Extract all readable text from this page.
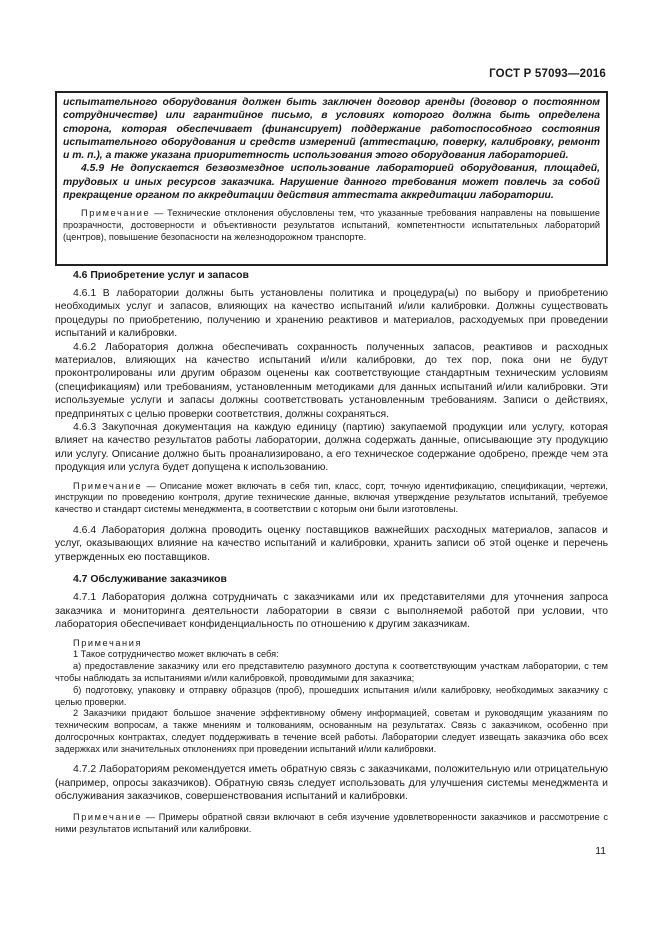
ГОСТ Р 57093—2016

испытательного оборудования должен быть заключен договор аренды (договор о постоянном сотрудничестве) или гарантийное письмо, в условиях которого должна быть определена сторона, которая обеспечивает (финансирует) поддержание работоспособного состояния испытательного оборудования и средств измерений (аттестацию, поверку, калибровку, ремонт и т. п.), а также указана приоритетность использования этого оборудования лабораторией.

4.5.9 Не допускается безвозмездное использование лабораторией оборудования, площадей, трудовых и иных ресурсов заказчика. Нарушение данного требования может повлечь за собой прекращение органом по аккредитации действия аттестата аккредитации лаборатории.

Примечание — Технические отклонения обусловлены тем, что указанные требования направлены на повышение прозрачности, достоверности и объективности результатов испытаний, компетентности испытательных лабораторий (центров), повышение безопасности на железнодорожном транспорте.

4.6 Приобретение услуг и запасов

4.6.1 В лаборатории должны быть установлены политика и процедура(ы) по выбору и приобретению необходимых услуг и запасов, влияющих на качество испытаний и/или калибровки. Должны существовать процедуры по приобретению, получению и хранению реактивов и материалов, расходуемых при проведении испытаний и калибровки.

4.6.2 Лаборатория должна обеспечивать сохранность полученных запасов, реактивов и расходных материалов, влияющих на качество испытаний и/или калибровки, до тех пор, пока они не будут проконтролированы или другим образом оценены как соответствующие стандартным техническим условиям (спецификациям) или требованиям, установленным методиками для данных испытаний и/или калибровки. Эти используемые услуги и запасы должны соответствовать установленным требованиям. Записи о действиях, предпринятых с целью проверки соответствия, должны сохраняться.

4.6.3 Закупочная документация на каждую единицу (партию) закупаемой продукции или услугу, которая влияет на качество результатов работы лаборатории, должна содержать данные, описывающие эту продукцию или услугу. Описание должно быть проанализировано, а его техническое содержание одобрено, прежде чем эта продукция или услуга будет допущена к использованию.

Примечание — Описание может включать в себя тип, класс, сорт, точную идентификацию, спецификации, чертежи, инструкции по проведению контроля, другие технические данные, включая утверждение результатов испытаний, требуемое качество и стандарт системы менеджмента, в соответствии с которым они были изготовлены.

4.6.4 Лаборатория должна проводить оценку поставщиков важнейших расходных материалов, запасов и услуг, оказывающих влияние на качество испытаний и калибровки, хранить записи об этой оценке и перечень утвержденных ею поставщиков.

4.7 Обслуживание заказчиков

4.7.1 Лаборатория должна сотрудничать с заказчиками или их представителями для уточнения запроса заказчика и мониторинга деятельности лаборатории в связи с выполняемой работой при условии, что лаборатория обеспечивает конфиденциальность по отношению к другим заказчикам.

Примечания

1 Такое сотрудничество может включать в себя:

а) предоставление заказчику или его представителю разумного доступа к соответствующим участкам лаборатории, с тем чтобы наблюдать за испытаниями и/или калибровкой, проводимыми для заказчика;

б) подготовку, упаковку и отправку образцов (проб), прошедших испытания и/или калибровку, необходимых заказчику с целью проверки.

2 Заказчики придают большое значение эффективному обмену информацией, советам и руководящим указаниям по техническим вопросам, а также мнениям и толкованиям, основанным на результатах. Связь с заказчиком, особенно при долгосрочных контрактах, следует поддерживать в течение всей работы. Лаборатории следует извещать заказчика обо всех задержках или значительных отклонениях при проведении испытаний и/или калибровки.

4.7.2 Лабораториям рекомендуется иметь обратную связь с заказчиками, положительную или отрицательную (например, опросы заказчиков). Обратную связь следует использовать для улучшения системы менеджмента и обслуживания заказчиков, совершенствования испытаний и калибровки.

Примечание — Примеры обратной связи включают в себя изучение удовлетворенности заказчиков и рассмотрение с ними результатов испытаний или калибровки.

11
